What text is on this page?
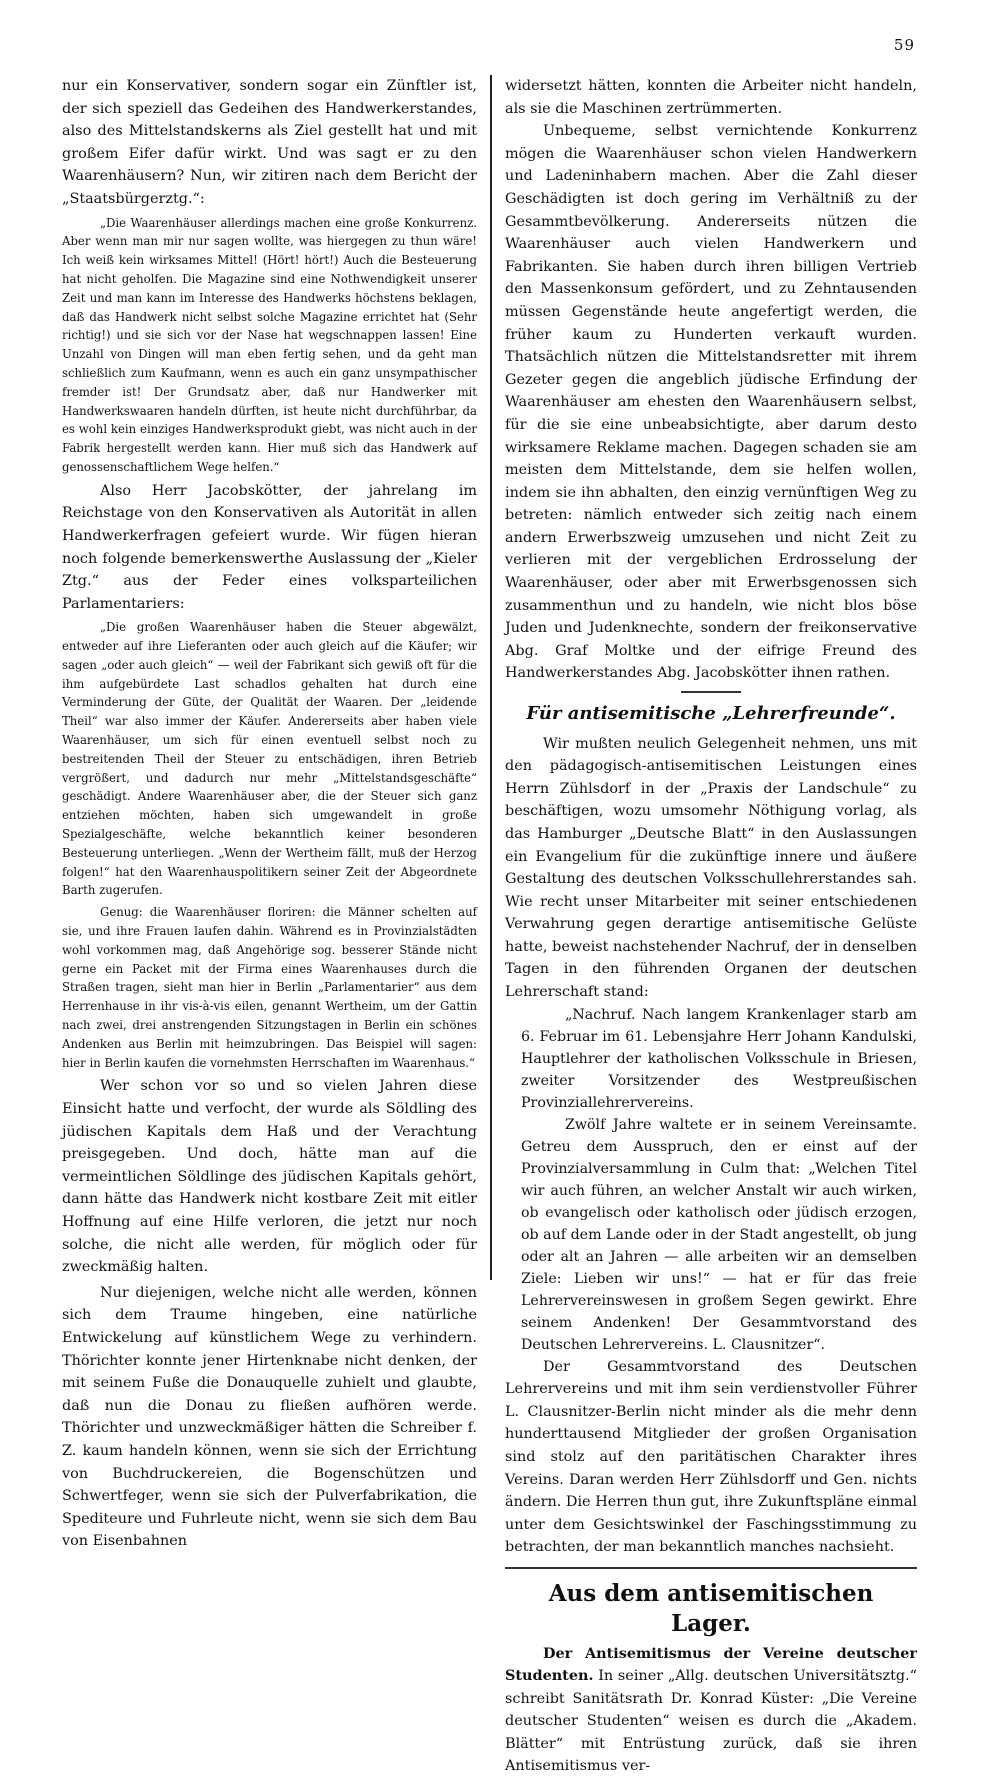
59

nur ein Konservativer, sondern sogar ein Zünftler ist, der sich speziell das Gedeihen des Handwerkerstandes, also des Mittelstandskerns als Ziel gestellt hat und mit großem Eifer dafür wirkt. Und was sagt er zu den Waarenhäusern? Nun, wir zitiren nach dem Bericht der „Staatsbürgerztg.“:

„Die Waarenhäuser allerdings machen eine große Konkurrenz. Aber wenn man mir nur sagen wollte, was hiergegen zu thun wäre! Ich weiß kein wirksames Mittel! (Hört! hört!) Auch die Besteuerung hat nicht geholfen. Die Magazine sind eine Nothwendigkeit unserer Zeit und man kann im Interesse des Handwerks höchstens beklagen, daß das Handwerk nicht selbst solche Magazine errichtet hat (Sehr richtig!) und sie sich vor der Nase hat wegschnappen lassen! Eine Unzahl von Dingen will man eben fertig sehen, und da geht man schließlich zum Kaufmann, wenn es auch ein ganz unsympathischer fremder ist! Der Grundsatz aber, daß nur Handwerker mit Handwerkswaaren handeln dürften, ist heute nicht durchführbar, da es wohl kein einziges Handwerksprodukt giebt, was nicht auch in der Fabrik hergestellt werden kann. Hier muß sich das Handwerk auf genossenschaftlichem Wege helfen.“

Also Herr Jacobskötter, der jahrelang im Reichstage von den Konservativen als Autorität in allen Handwerkerfragen gefeiert wurde. Wir fügen hieran noch folgende bemerkenswerthe Auslassung der „Kieler Ztg.“ aus der Feder eines volksparteilichen Parlamentariers:

„Die großen Waarenhäuser haben die Steuer abgewälzt, entweder auf ihre Lieferanten oder auch gleich auf die Käufer; wir sagen „oder auch gleich“ — weil der Fabrikant sich gewiß oft für die ihm aufgebürdete Last schadlos gehalten hat durch eine Verminderung der Güte, der Qualität der Waaren. Der „leidende Theil“ war also immer der Käufer. Andererseits aber haben viele Waarenhäuser, um sich für einen eventuell selbst noch zu bestreitenden Theil der Steuer zu entschädigen, ihren Betrieb vergrößert, und dadurch nur mehr „Mittelstandsgeschäfte“ geschädigt. Andere Waarenhäuser aber, die der Steuer sich ganz entziehen möchten, haben sich umgewandelt in große Spezialgeschäfte, welche bekanntlich keiner besonderen Besteuerung unterliegen. „Wenn der Wertheim fällt, muß der Herzog folgen!“ hat den Waarenhauspolitikern seiner Zeit der Abgeordnete Barth zugerufen.

Genug: die Waarenhäuser floriren: die Männer schelten auf sie, und ihre Frauen laufen dahin. Während es in Provinzialstädten wohl vorkommen mag, daß Angehörige sog. besserer Stände nicht gerne ein Packet mit der Firma eines Waarenhauses durch die Straßen tragen, sieht man hier in Berlin „Parlamentarier“ aus dem Herrenhause in ihr vis-à-vis eilen, genannt Wertheim, um der Gattin nach zwei, drei anstrengenden Sitzungstagen in Berlin ein schönes Andenken aus Berlin mit heimzubringen. Das Beispiel will sagen: hier in Berlin kaufen die vornehmsten Herrschaften im Waarenhaus.“

Wer schon vor so und so vielen Jahren diese Einsicht hatte und verfocht, der wurde als Söldling des jüdischen Kapitals dem Haß und der Verachtung preisgegeben. Und doch, hätte man auf die vermeintlichen Söldlinge des jüdischen Kapitals gehört, dann hätte das Handwerk nicht kostbare Zeit mit eitler Hoffnung auf eine Hilfe verloren, die jetzt nur noch solche, die nicht alle werden, für möglich oder für zweckmäßig halten.

Nur diejenigen, welche nicht alle werden, können sich dem Traume hingeben, eine natürliche Entwickelung auf künstlichem Wege zu verhindern. Thörichter konnte jener Hirtenknabe nicht denken, der mit seinem Fuße die Donauquelle zuhielt und glaubte, daß nun die Donau zu fließen aufhören werde. Thörichter und unzweckmäßiger hätten die Schreiber f. Z. kaum handeln können, wenn sie sich der Errichtung von Buchdruckereien, die Bogenschützen und Schwertfeger, wenn sie sich der Pulverfabrikation, die Spediteure und Fuhrleute nicht, wenn sie sich dem Bau von Eisenbahnen

widersetzt hätten, konnten die Arbeiter nicht handeln, als sie die Maschinen zertrümmerten.

Unbequeme, selbst vernichtende Konkurrenz mögen die Waarenhäuser schon vielen Handwerkern und Ladeninhabern machen. Aber die Zahl dieser Geschädigten ist doch gering im Verhältniß zu der Gesammtbevölkerung. Andererseits nützen die Waarenhäuser auch vielen Handwerkern und Fabrikanten. Sie haben durch ihren billigen Vertrieb den Massenkonsum gefördert, und zu Zehntausenden müssen Gegenstände heute angefertigt werden, die früher kaum zu Hunderten verkauft wurden. Thatsächlich nützen die Mittelstandsretter mit ihrem Gezeter gegen die angeblich jüdische Erfindung der Waarenhäuser am ehesten den Waarenhäusern selbst, für die sie eine unbeabsichtigte, aber darum desto wirksamere Reklame machen. Dagegen schaden sie am meisten dem Mittelstande, dem sie helfen wollen, indem sie ihn abhalten, den einzig vernünftigen Weg zu betreten: nämlich entweder sich zeitig nach einem andern Erwerbszweig umzusehen und nicht Zeit zu verlieren mit der vergeblichen Erdrosselung der Waarenhäuser, oder aber mit Erwerbsgenossen sich zusammenthun und zu handeln, wie nicht blos böse Juden und Judenknechte, sondern der freikonservative Abg. Graf Moltke und der eifrige Freund des Handwerkerstandes Abg. Jacobskötter ihnen rathen.

Für antisemitische „Lehrerfreunde“.

Wir mußten neulich Gelegenheit nehmen, uns mit den pädagogisch-antisemitischen Leistungen eines Herrn Zühlsdorf in der „Praxis der Landschule“ zu beschäftigen, wozu umsomehr Nöthigung vorlag, als das Hamburger „Deutsche Blatt“ in den Auslassungen ein Evangelium für die zukünftige innere und äußere Gestaltung des deutschen Volksschullehrerstandes sah. Wie recht unser Mitarbeiter mit seiner entschiedenen Verwahrung gegen derartige antisemitische Gelüste hatte, beweist nachstehender Nachruf, der in denselben Tagen in den führenden Organen der deutschen Lehrerschaft stand:

„Nachruf. Nach langem Krankenlager starb am 6. Februar im 61. Lebensjahre Herr Johann Kandulski, Hauptlehrer der katholischen Volksschule in Briesen, zweiter Vorsitzender des Westpreußischen Provinziallehrervereins.

Zwölf Jahre waltete er in seinem Vereinsamte. Getreu dem Ausspruch, den er einst auf der Provinzialversammlung in Culm that: „Welchen Titel wir auch führen, an welcher Anstalt wir auch wirken, ob evangelisch oder katholisch oder jüdisch erzogen, ob auf dem Lande oder in der Stadt angestellt, ob jung oder alt an Jahren — alle arbeiten wir an demselben Ziele: Lieben wir uns!“ — hat er für das freie Lehrervereinswesen in großem Segen gewirkt. Ehre seinem Andenken! Der Gesammtvorstand des Deutschen Lehrervereins. L. Clausnitzer“.

Der Gesammtvorstand des Deutschen Lehrervereins und mit ihm sein verdienstvoller Führer L. Clausnitzer-Berlin nicht minder als die mehr denn hunderttausend Mitglieder der großen Organisation sind stolz auf den paritätischen Charakter ihres Vereins. Daran werden Herr Zühlsdorff und Gen. nichts ändern. Die Herren thun gut, ihre Zukunftspläne einmal unter dem Gesichtswinkel der Faschingsstimmung zu betrachten, der man bekanntlich manches nachsieht.

Aus dem antisemitischen Lager.

Der Antisemitismus der Vereine deutscher Studenten. In seiner „Allg. deutschen Universitätsztg.“ schreibt Sanitätsrath Dr. Konrad Küster: „Die Vereine deutscher Studenten“ weisen es durch die „Akadem. Blätter“ mit Entrüstung zurück, daß sie ihren Antisemitismus ver-
